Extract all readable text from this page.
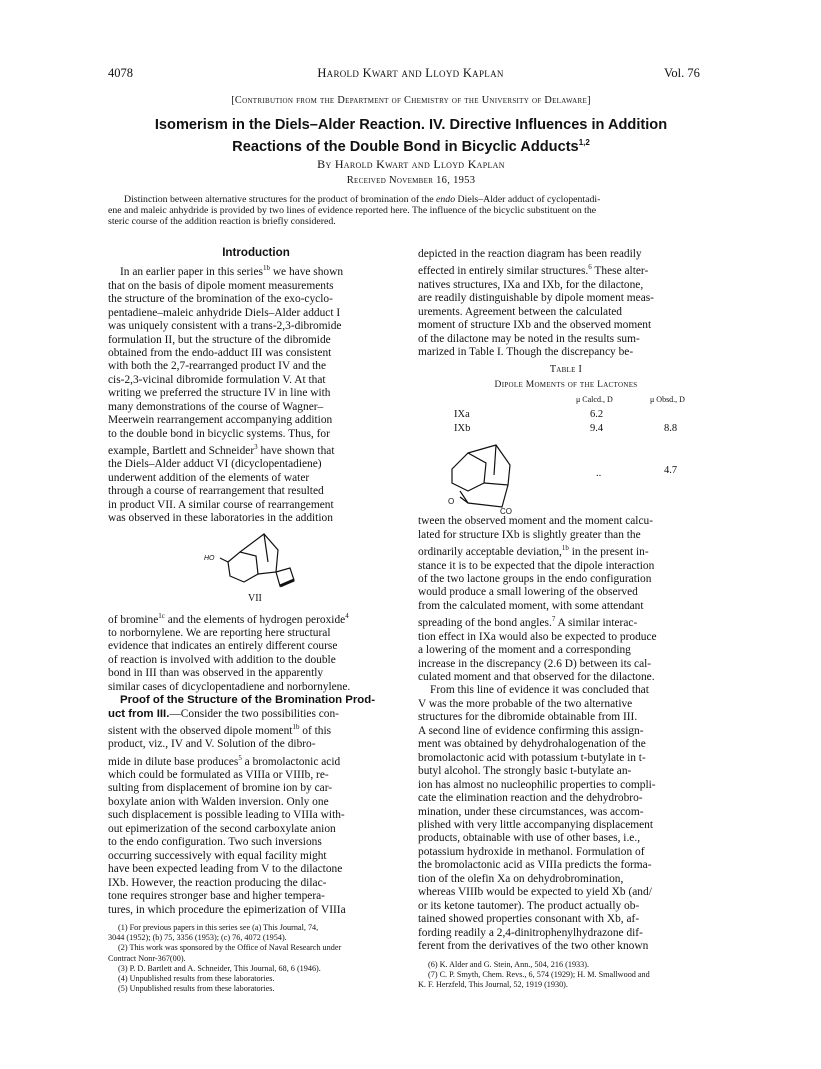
4078	Harold Kwart and Lloyd Kaplan	Vol. 76
[Contribution from the Department of Chemistry of the University of Delaware]
Isomerism in the Diels–Alder Reaction. IV. Directive Influences in Addition
Reactions of the Double Bond in Bicyclic Adducts$^{1,2}$
By Harold Kwart and Lloyd Kaplan
Received November 16, 1953
Distinction between alternative structures for the product of bromination of the endo Diels–Alder adduct of cyclopentadi-
ene and maleic anhydride is provided by two lines of evidence reported here. The influence of the bicyclic substituent on the
steric course of the addition reaction is briefly considered.
Introduction

In an earlier paper in this series$^{1b}$ we have shown
that on the basis of dipole moment measurements
the structure of the bromination of the exo-cyclo-
pentadiene–maleic anhydride Diels–Alder adduct I
was uniquely consistent with a trans-2,3-dibromide
formulation II, but the structure of the dibromide
obtained from the endo-adduct III was consistent
with both the 2,7-rearranged product IV and the
cis-2,3-vicinal dibromide formulation V. At that
writing we preferred the structure IV in line with
many demonstrations of the course of Wagner–
Meerwein rearrangement accompanying addition
to the double bond in bicyclic systems. Thus, for
example, Bartlett and Schneider$^3$ have shown that
the Diels–Alder adduct VI (dicyclopentadiene)
underwent addition of the elements of water
through a course of rearrangement that resulted
in product VII. A similar course of rearrangement
was observed in these laboratories in the addition

HO
VII

of bromine$^{1c}$ and the elements of hydrogen peroxide$^4$
to norbornylene. We are reporting here structural
evidence that indicates an entirely different course
of reaction is involved with addition to the double
bond in III than was observed in the apparently
similar cases of dicyclopentadiene and norbornylene.

Proof of the Structure of the Bromination Prod-
uct from III.—Consider the two possibilities con-
sistent with the observed dipole moment$^{1b}$ of this
product, viz., IV and V. Solution of the dibro-
mide in dilute base produces$^5$ a bromolactonic acid
which could be formulated as VIIIa or VIIIb, re-
sulting from displacement of bromine ion by car-
boxylate anion with Walden inversion. Only one
such displacement is possible leading to VIIIa with-
out epimerization of the second carboxylate anion
to the endo configuration. Two such inversions
occurring successively with equal facility might
have been expected leading from V to the dilactone
IXb. However, the reaction producing the dilac-
tone requires stronger base and higher tempera-
tures, in which procedure the epimerization of VIIIa

(1) For previous papers in this series see (a) This Journal, 74,
3044 (1952); (b) 75, 3356 (1953); (c) 76, 4072 (1954).
(2) This work was sponsored by the Office of Naval Research under
Contract Nonr-367(00).
(3) P. D. Bartlett and A. Schneider, This Journal, 68, 6 (1946).
(4) Unpublished results from these laboratories.
(5) Unpublished results from these laboratories.

depicted in the reaction diagram has been readily
effected in entirely similar structures.$^6$ These alter-
natives structures, IXa and IXb, for the dilactone,
are readily distinguishable by dipole moment meas-
urements. Agreement between the calculated
moment of structure IXb and the observed moment
of the dilactone may be noted in the results sum-
marized in Table I. Though the discrepancy be-

Table I
Dipole Moments of the Lactones
μ Calcd., D	μ Obsd., D
IXa	6.2
IXb	9.4	8.8
..	4.7
O
CO

tween the observed moment and the moment calcu-
lated for structure IXb is slightly greater than the
ordinarily acceptable deviation,$^{1b}$ in the present in-
stance it is to be expected that the dipole interaction
of the two lactone groups in the endo configuration
would produce a small lowering of the observed
from the calculated moment, with some attendant
spreading of the bond angles.$^7$ A similar interac-
tion effect in IXa would also be expected to produce
a lowering of the moment and a corresponding
increase in the discrepancy (2.6 D) between its cal-
culated moment and that observed for the dilactone.

From this line of evidence it was concluded that
V was the more probable of the two alternative
structures for the dibromide obtainable from III.
A second line of evidence confirming this assign-
ment was obtained by dehydrohalogenation of the
bromolactonic acid with potassium t-butylate in t-
butyl alcohol. The strongly basic t-butylate an-
ion has almost no nucleophilic properties to compli-
cate the elimination reaction and the dehydrobro-
mination, under these circumstances, was accom-
plished with very little accompanying displacement
products, obtainable with use of other bases, i.e.,
potassium hydroxide in methanol. Formulation of
the bromolactonic acid as VIIIa predicts the forma-
tion of the olefin Xa on dehydrobromination,
whereas VIIIb would be expected to yield Xb (and/
or its ketone tautomer). The product actually ob-
tained showed properties consonant with Xb, af-
fording readily a 2,4-dinitrophenylhydrazone dif-
ferent from the derivatives of the two other known

(6) K. Alder and G. Stein, Ann., 504, 216 (1933).
(7) C. P. Smyth, Chem. Revs., 6, 574 (1929); H. M. Smallwood and
K. F. Herzfeld, This Journal, 52, 1919 (1930).
